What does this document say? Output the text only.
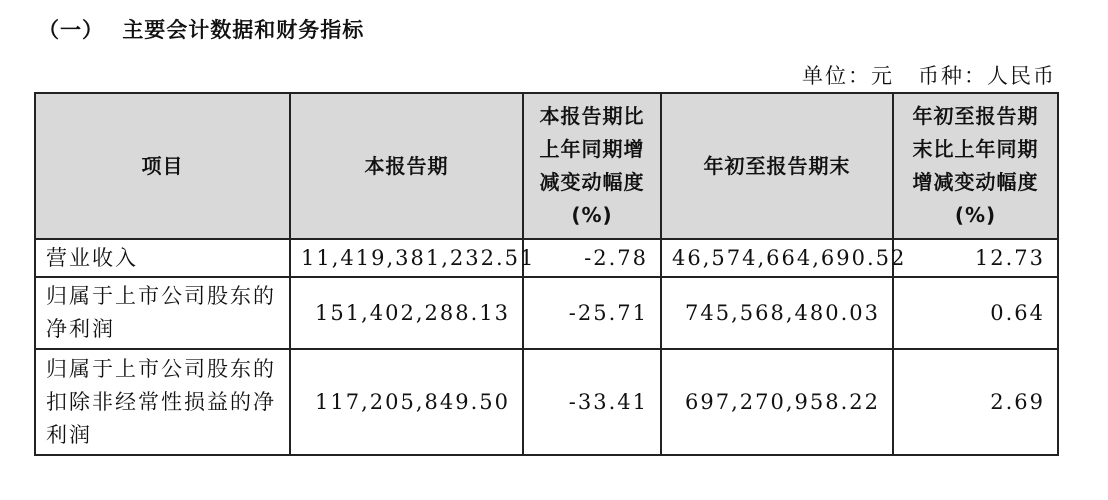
（一） 主要会计数据和财务指标
单位：元 币种：人民币
项目	本报告期	本报告期比上年同期增减变动幅度(%)	年初至报告期末	年初至报告期末比上年同期增减变动幅度(%)
营业收入	11,419,381,232.51	-2.78	46,574,664,690.52	12.73
归属于上市公司股东的净利润	151,402,288.13	-25.71	745,568,480.03	0.64
归属于上市公司股东的扣除非经常性损益的净利润	117,205,849.50	-33.41	697,270,958.22	2.69
